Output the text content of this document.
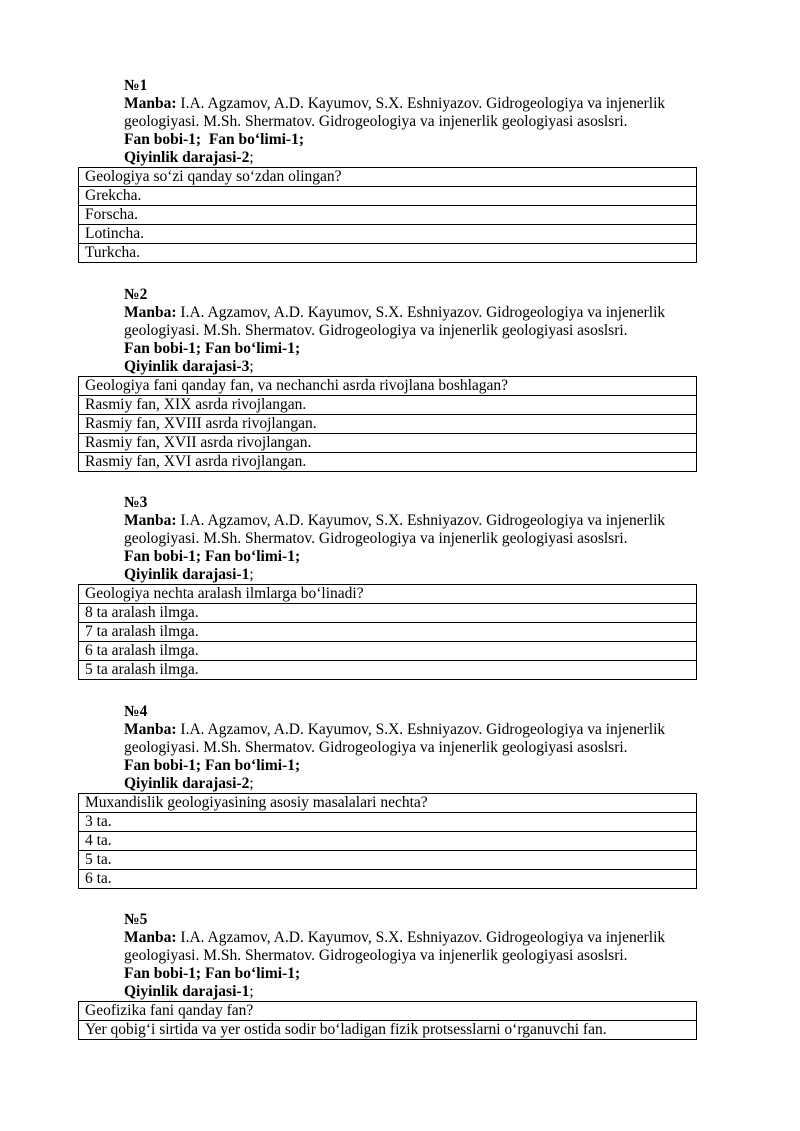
№1
Manba: I.A. Agzamov, A.D. Kayumov, S.X. Eshniyazov. Gidrogeologiya va injenerlik
geologiyasi. M.Sh. Shermatov. Gidrogeologiya va injenerlik geologiyasi asoslsri.
Fan bobi-1; Fan bo‘limi-1;
Qiyinlik darajasi-2;
Geologiya so‘zi qanday so‘zdan olingan?
Grekcha.
Forscha.
Lotincha.
Turkcha.
№2
Manba: I.A. Agzamov, A.D. Kayumov, S.X. Eshniyazov. Gidrogeologiya va injenerlik
geologiyasi. M.Sh. Shermatov. Gidrogeologiya va injenerlik geologiyasi asoslsri.
Fan bobi-1; Fan bo‘limi-1;
Qiyinlik darajasi-3;
Geologiya fani qanday fan, va nechanchi asrda rivojlana boshlagan?
Rasmiy fan, XIX asrda rivojlangan.
Rasmiy fan, XVIII asrda rivojlangan.
Rasmiy fan, XVII asrda rivojlangan.
Rasmiy fan, XVI asrda rivojlangan.
№3
Manba: I.A. Agzamov, A.D. Kayumov, S.X. Eshniyazov. Gidrogeologiya va injenerlik
geologiyasi. M.Sh. Shermatov. Gidrogeologiya va injenerlik geologiyasi asoslsri.
Fan bobi-1; Fan bo‘limi-1;
Qiyinlik darajasi-1;
Geologiya nechta aralash ilmlarga bo‘linadi?
8 ta aralash ilmga.
7 ta aralash ilmga.
6 ta aralash ilmga.
5 ta aralash ilmga.
№4
Manba: I.A. Agzamov, A.D. Kayumov, S.X. Eshniyazov. Gidrogeologiya va injenerlik
geologiyasi. M.Sh. Shermatov. Gidrogeologiya va injenerlik geologiyasi asoslsri.
Fan bobi-1; Fan bo‘limi-1;
Qiyinlik darajasi-2;
Muxandislik geologiyasining asosiy masalalari nechta?
3 ta.
4 ta.
5 ta.
6 ta.
№5
Manba: I.A. Agzamov, A.D. Kayumov, S.X. Eshniyazov. Gidrogeologiya va injenerlik
geologiyasi. M.Sh. Shermatov. Gidrogeologiya va injenerlik geologiyasi asoslsri.
Fan bobi-1; Fan bo‘limi-1;
Qiyinlik darajasi-1;
Geofizika fani qanday fan?
Yer qobig‘i sirtida va yer ostida sodir bo‘ladigan fizik protsesslarni o‘rganuvchi fan.
